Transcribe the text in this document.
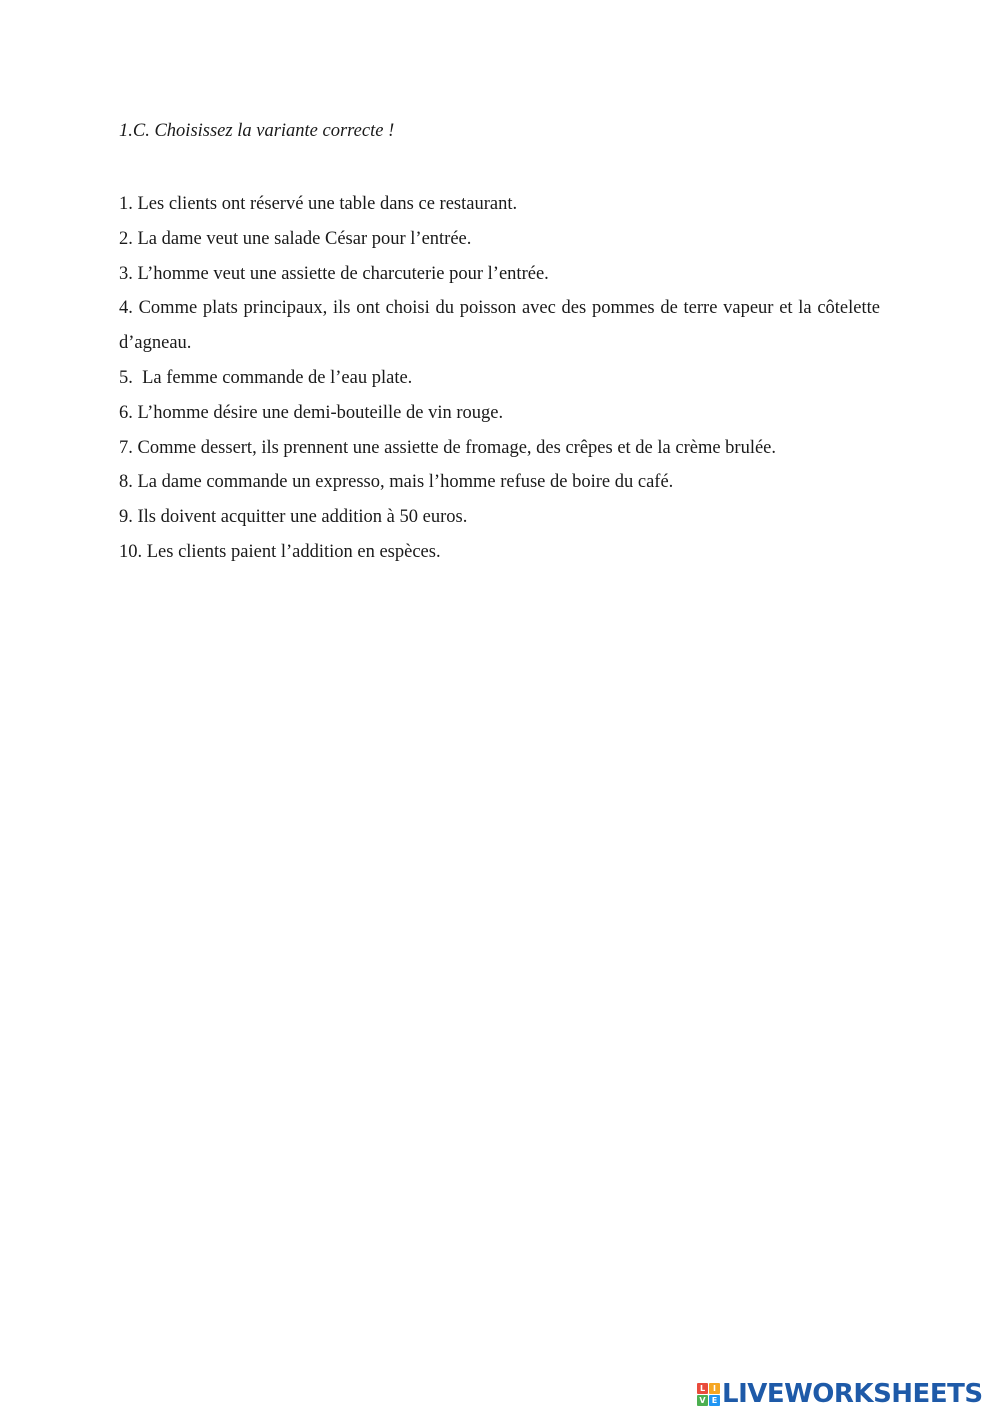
1.C. Choisissez la variante correcte !

1. Les clients ont réservé une table dans ce restaurant.

2. La dame veut une salade César pour l’entrée.

3. L’homme veut une assiette de charcuterie pour l’entrée.

4. Comme plats principaux, ils ont choisi du poisson avec des pommes de terre vapeur et la côtelette d’agneau.

5.  La femme commande de l’eau plate.

6. L’homme désire une demi-bouteille de vin rouge.

7. Comme dessert, ils prennent une assiette de fromage, des crêpes et de la crème brulée.

8. La dame commande un expresso, mais l’homme refuse de boire du café.

9. Ils doivent acquitter une addition à 50 euros.

10. Les clients paient l’addition en espèces.

L I
V E LIVEWORKSHEETS
